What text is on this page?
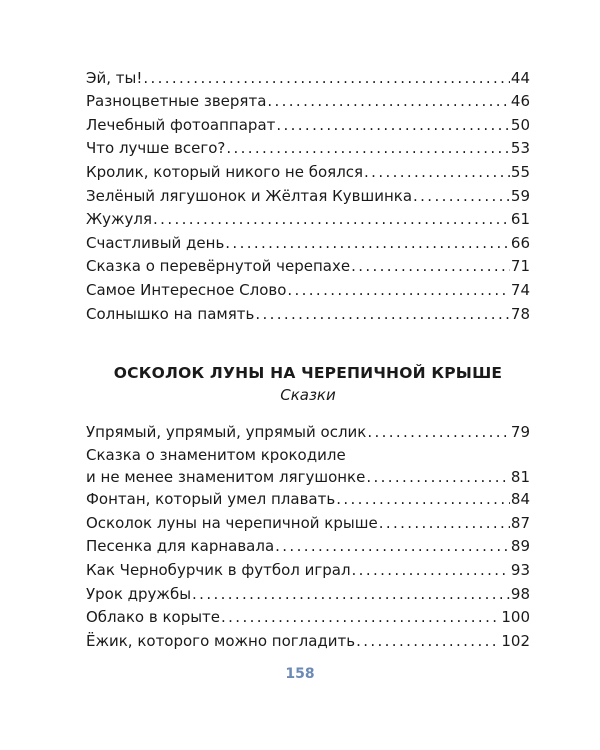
Эй, ты! . . .	44
Разноцветные зверята . . .	46
Лечебный фотоаппарат . . .	50
Что лучше всего? . . .	53
Кролик, который никого не боялся . . .	55
Зелёный лягушонок и Жёлтая Кувшинка . . .	59
Жужуля . . .	61
Счастливый день . . .	66
Сказка о перевёрнутой черепахе . . .	71
Самое Интересное Слово . . .	74
Солнышко на память . . .	78
ОСКОЛОК ЛУНЫ НА ЧЕРЕПИЧНОЙ КРЫШЕ
Сказки
Упрямый, упрямый, упрямый ослик . . .	79
Сказка о знаменитом крокодиле
и не менее знаменитом лягушонке . . .	81
Фонтан, который умел плавать . . .	84
Осколок луны на черепичной крыше . . .	87
Песенка для карнавала . . .	89
Как Чернобурчик в футбол играл . . .	93
Урок дружбы . . .	98
Облако в корыте . . .	100
Ёжик, которого можно погладить . . .	102
158
